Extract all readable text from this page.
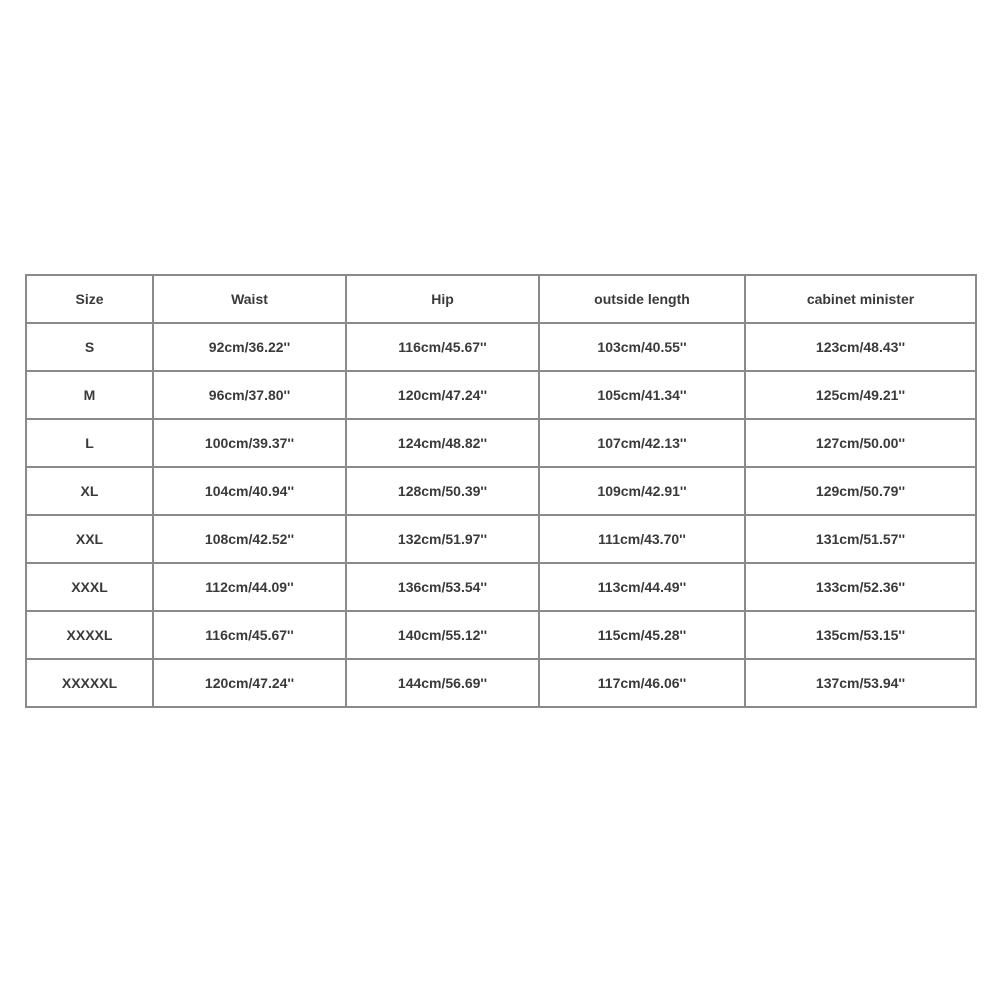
Size	Waist	Hip	outside length	cabinet minister
S	92cm/36.22''	116cm/45.67''	103cm/40.55''	123cm/48.43''
M	96cm/37.80''	120cm/47.24''	105cm/41.34''	125cm/49.21''
L	100cm/39.37''	124cm/48.82''	107cm/42.13''	127cm/50.00''
XL	104cm/40.94''	128cm/50.39''	109cm/42.91''	129cm/50.79''
XXL	108cm/42.52''	132cm/51.97''	111cm/43.70''	131cm/51.57''
XXXL	112cm/44.09''	136cm/53.54''	113cm/44.49''	133cm/52.36''
XXXXL	116cm/45.67''	140cm/55.12''	115cm/45.28''	135cm/53.15''
XXXXXL	120cm/47.24''	144cm/56.69''	117cm/46.06''	137cm/53.94''
